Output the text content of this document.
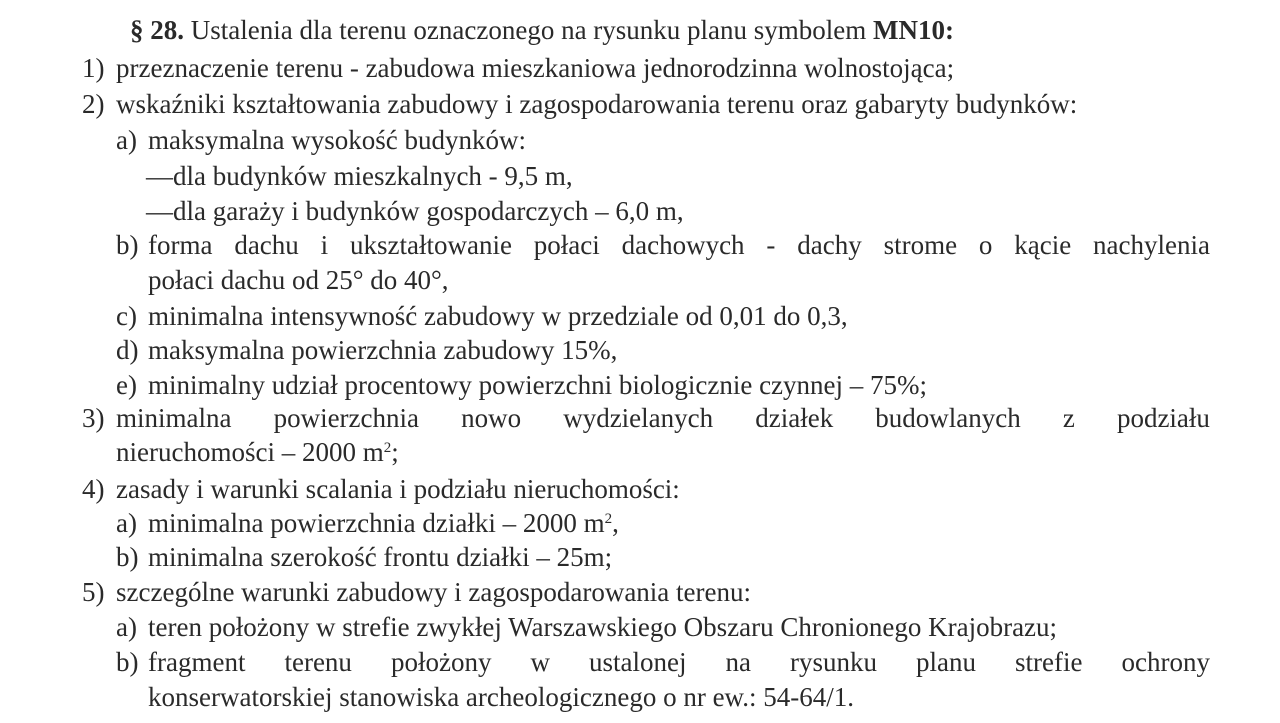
§ 28. Ustalenia dla terenu oznaczonego na rysunku planu symbolem MN10:
1) przeznaczenie terenu - zabudowa mieszkaniowa jednorodzinna wolnostojąca;
2) wskaźniki kształtowania zabudowy i zagospodarowania terenu oraz gabaryty budynków:
a) maksymalna wysokość budynków:
—dla budynków mieszkalnych - 9,5 m,
—dla garaży i budynków gospodarczych – 6,0 m,
b) forma dachu i ukształtowanie połaci dachowych - dachy strome o kącie nachylenia
połaci dachu od 25° do 40°,
c) minimalna intensywność zabudowy w przedziale od 0,01 do 0,3,
d) maksymalna powierzchnia zabudowy 15%,
e) minimalny udział procentowy powierzchni biologicznie czynnej – 75%;
3) minimalna powierzchnia nowo wydzielanych działek budowlanych z podziału
nieruchomości – 2000 $m^2$;
4) zasady i warunki scalania i podziału nieruchomości:
a) minimalna powierzchnia działki – 2000 $m^2$,
b) minimalna szerokość frontu działki – 25m;
5) szczególne warunki zabudowy i zagospodarowania terenu:
a) teren położony w strefie zwykłej Warszawskiego Obszaru Chronionego Krajobrazu;
b) fragment terenu położony w ustalonej na rysunku planu strefie ochrony
konserwatorskiej stanowiska archeologicznego o nr ew.: 54-64/1.
